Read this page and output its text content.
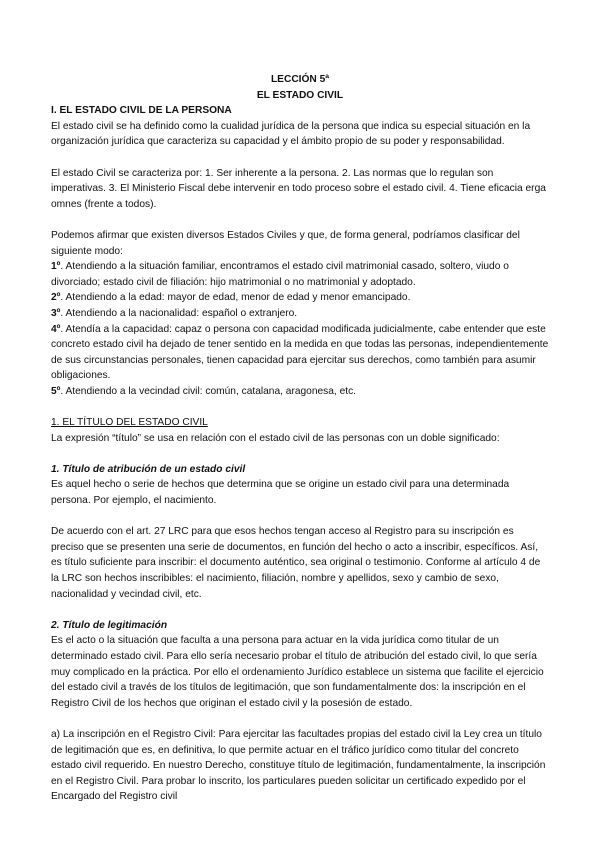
LECCIÓN 5ª

EL ESTADO CIVIL

I. EL ESTADO CIVIL DE LA PERSONA

El estado civil se ha definido como la cualidad jurídica de la persona que indica su especial situación en la organización jurídica que caracteriza su capacidad y el ámbito propio de su poder y responsabilidad.

El estado Civil se caracteriza por: 1. Ser inherente a la persona. 2. Las normas que lo regulan son imperativas. 3. El Ministerio Fiscal debe intervenir en todo proceso sobre el estado civil. 4. Tiene eficacia erga omnes (frente a todos).

Podemos afirmar que existen diversos Estados Civiles y que, de forma general, podríamos clasificar del siguiente modo:

1º. Atendiendo a la situación familiar, encontramos el estado civil matrimonial casado, soltero, viudo o divorciado; estado civil de filiación: hijo matrimonial o no matrimonial y adoptado.

2º. Atendiendo a la edad: mayor de edad, menor de edad y menor emancipado.

3º. Atendiendo a la nacionalidad: español o extranjero.

4º. Atendía a la capacidad: capaz o persona con capacidad modificada judicialmente, cabe entender que este concreto estado civil ha dejado de tener sentido en la medida en que todas las personas, independientemente de sus circunstancias personales, tienen capacidad para ejercitar sus derechos, como también para asumir obligaciones.

5º. Atendiendo a la vecindad civil: común, catalana, aragonesa, etc.

1. EL TÍTULO DEL ESTADO CIVIL

La expresión “título” se usa en relación con el estado civil de las personas con un doble significado:

1. Título de atribución de un estado civil

Es aquel hecho o serie de hechos que determina que se origine un estado civil para una determinada persona. Por ejemplo, el nacimiento.

De acuerdo con el art. 27 LRC para que esos hechos tengan acceso al Registro para su inscripción es preciso que se presenten una serie de documentos, en función del hecho o acto a inscribir, específicos. Así, es título suficiente para inscribir: el documento auténtico, sea original o testimonio. Conforme al artículo 4 de la LRC son hechos inscribibles: el nacimiento, filiación, nombre y apellidos, sexo y cambio de sexo, nacionalidad y vecindad civil, etc.

2. Título de legitimación

Es el acto o la situación que faculta a una persona para actuar en la vida jurídica como titular de un determinado estado civil. Para ello sería necesario probar el título de atribución del estado civil, lo que sería muy complicado en la práctica. Por ello el ordenamiento Jurídico establece un sistema que facilite el ejercicio del estado civil a través de los títulos de legitimación, que son fundamentalmente dos: la inscripción en el Registro Civil de los hechos que originan el estado civil y la posesión de estado.

a) La inscripción en el Registro Civil: Para ejercitar las facultades propias del estado civil la Ley crea un título de legitimación que es, en definitiva, lo que permite actuar en el tráfico jurídico como titular del concreto estado civil requerido. En nuestro Derecho, constituye título de legitimación, fundamentalmente, la inscripción en el Registro Civil. Para probar lo inscrito, los particulares pueden solicitar un certificado expedido por el Encargado del Registro civil
